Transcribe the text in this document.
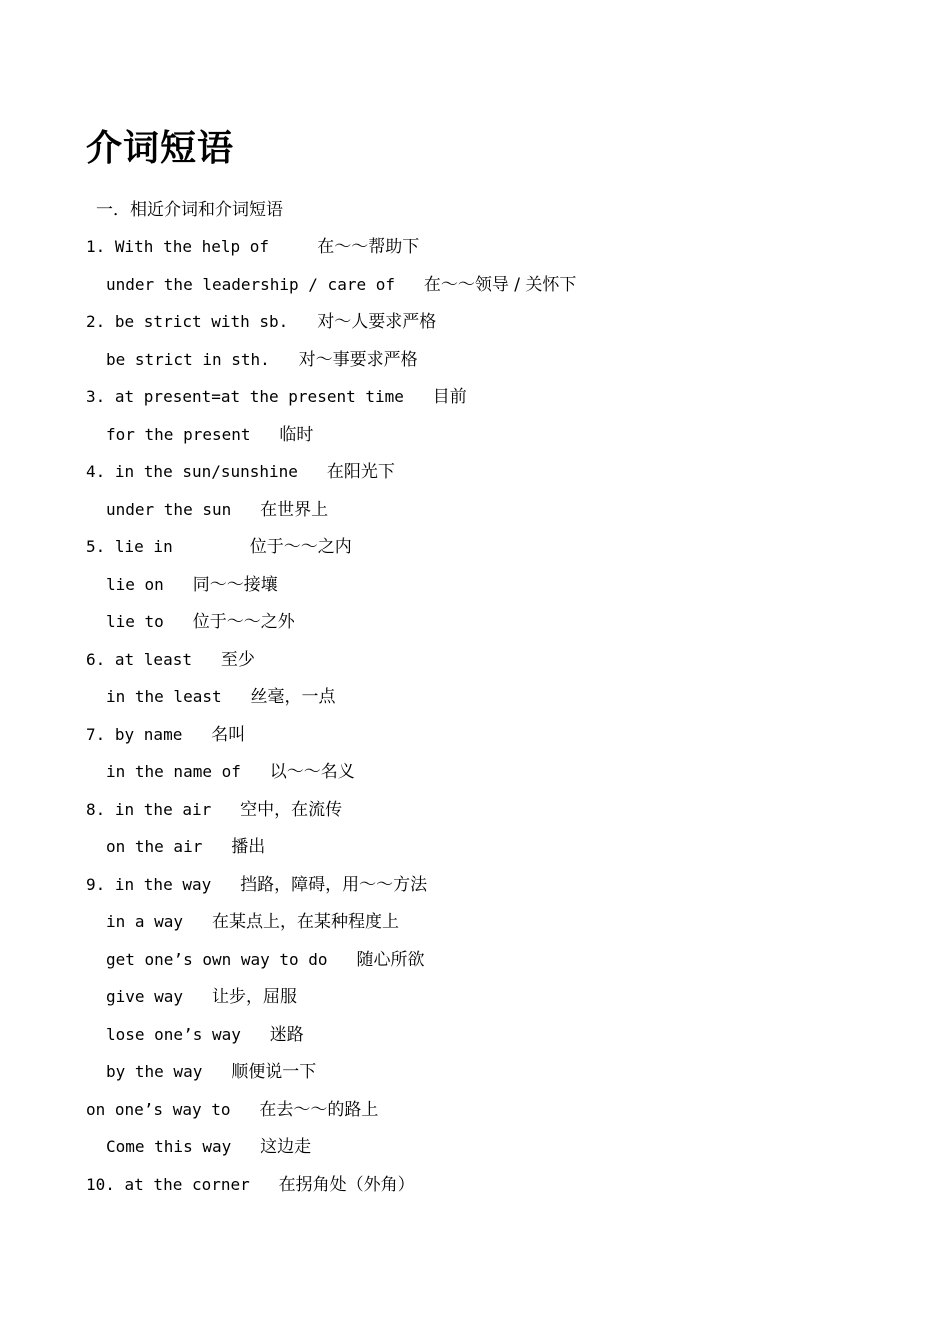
介词短语

一．相近介词和介词短语

1. With the help of
	在～～帮助下
under the leadership / care of
在～～领导 / 关怀下
2. be strict with sb.
对～人要求严格
be strict in sth.
对～事要求严格
3. at present=at the present time
目前
for the present
临时
4. in the sun/sunshine
在阳光下
under the sun
在世界上
5. lie in
	位于～～之内
lie on
同～～接壤
lie to
位于～～之外
6. at least
至少
in the least
丝毫，一点
7. by name
名叫
in the name of
以～～名义
8. in the air
空中，在流传
on the air
播出
9. in the way
挡路，障碍，用～～方法
in a way
在某点上，在某种程度上
get one’s own way to do
随心所欲
give way
让步，屈服
lose one’s way
迷路
by the way
顺便说一下
on one’s way to
在去～～的路上
Come this way
这边走
10. at the corner
在拐角处（外角）
